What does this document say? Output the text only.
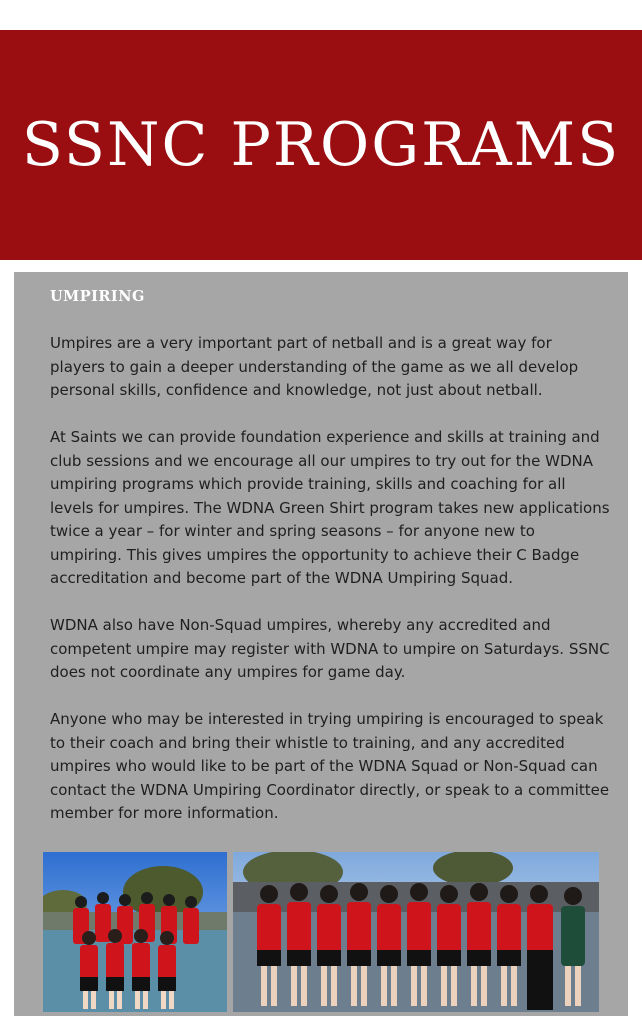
SSNC PROGRAMS
UMPIRING

Umpires are a very important part of netball and is a great way for players to gain a deeper understanding of the game as we all develop personal skills, confidence and knowledge, not just about netball.

At Saints we can provide foundation experience and skills at training and club sessions and we encourage all our umpires to try out for the WDNA umpiring programs which provide training, skills and coaching for all levels for umpires. The WDNA Green Shirt program takes new applications twice a year – for winter and spring seasons – for anyone new to umpiring. This gives umpires the opportunity to achieve their C Badge accreditation and become part of the WDNA Umpiring Squad.

WDNA also have Non-Squad umpires, whereby any accredited and competent umpire may register with WDNA to umpire on Saturdays. SSNC does not coordinate any umpires for game day.

Anyone who may be interested in trying umpiring is encouraged to speak to their coach and bring their whistle to training, and any accredited umpires who would like to be part of the WDNA Squad or Non-Squad can contact the WDNA Umpiring Coordinator directly, or speak to a committee member for more information.
